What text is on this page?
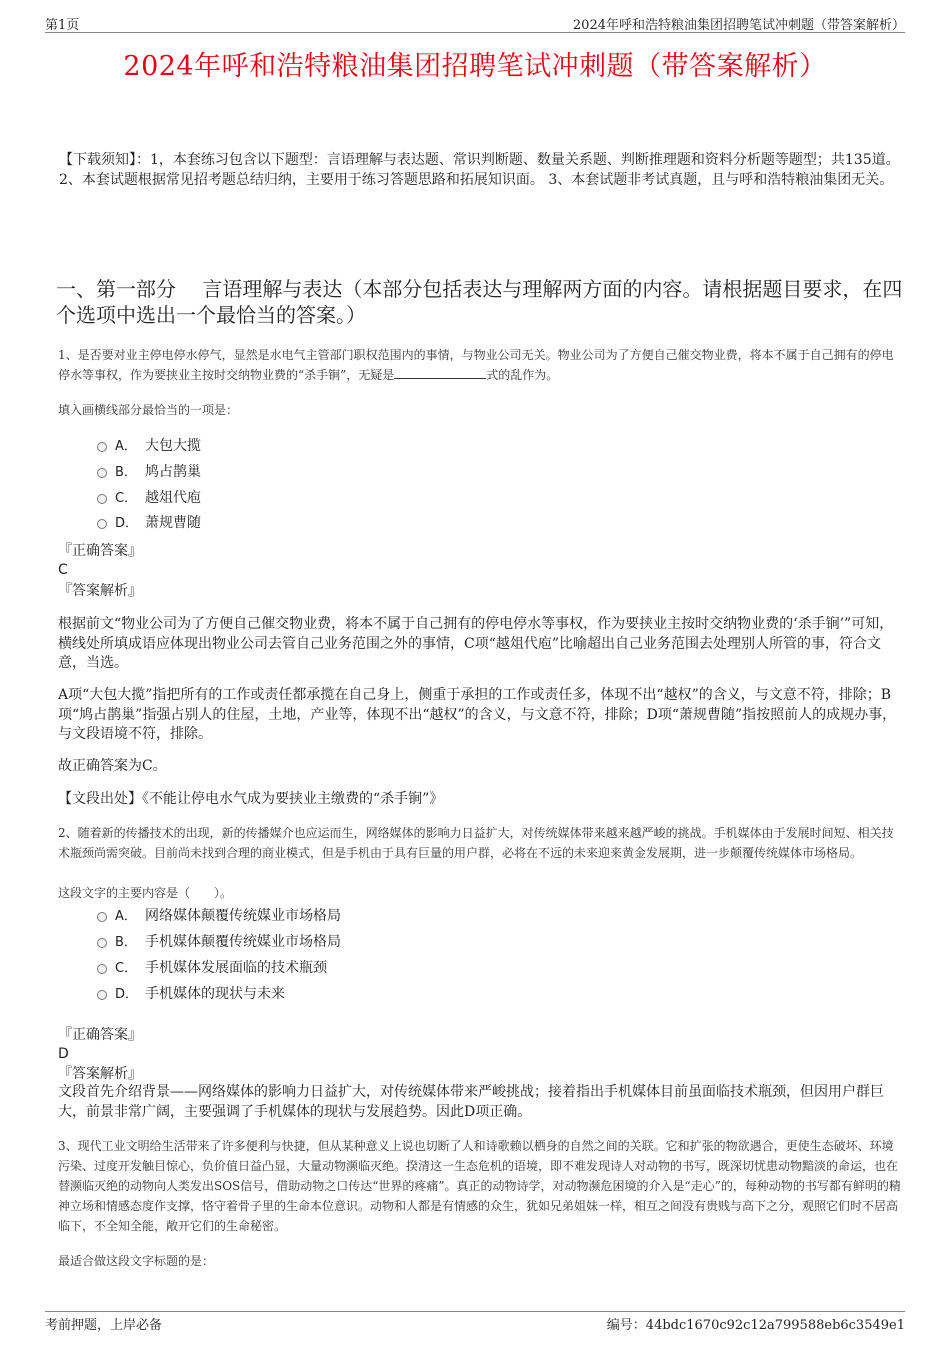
第1页	2024年呼和浩特粮油集团招聘笔试冲刺题（带答案解析）
2024年呼和浩特粮油集团招聘笔试冲刺题（带答案解析）
【下载须知】：1，本套练习包含以下题型：言语理解与表达题、常识判断题、数量关系题、判断推理题和资料分析题等题型；共135道。 2、本套试题根据常见招考题总结归纳，主要用于练习答题思路和拓展知识面。 3、本套试题非考试真题，且与呼和浩特粮油集团无关。
一、第一部分　 言语理解与表达（本部分包括表达与理解两方面的内容。请根据题目要求，在四个选项中选出一个最恰当的答案。）
1、是否要对业主停电停水停气，显然是水电气主管部门职权范围内的事情，与物业公司无关。物业公司为了方便自己催交物业费，将本不属于自己拥有的停电停水等事权，作为要挟业主按时交纳物业费的“杀手锏”，无疑是	式的乱作为。
填入画横线部分最恰当的一项是：
A． 大包大揽
B． 鸠占鹊巢
C． 越俎代庖
D． 萧规曹随
『正确答案』
C
『答案解析』
根据前文“物业公司为了方便自己催交物业费，将本不属于自己拥有的停电停水等事权，作为要挟业主按时交纳物业费的‘杀手锏’”可知，横线处所填成语应体现出物业公司去管自己业务范围之外的事情，C项“越俎代庖”比喻超出自己业务范围去处理别人所管的事，符合文意，当选。
A项“大包大揽”指把所有的工作或责任都承揽在自己身上，侧重于承担的工作或责任多，体现不出“越权”的含义，与文意不符，排除；B项“鸠占鹊巢”指强占别人的住屋，土地，产业等，体现不出“越权”的含义，与文意不符，排除；D项“萧规曹随”指按照前人的成规办事，与文段语境不符，排除。
故正确答案为C。
【文段出处】《不能让停电水气成为要挟业主缴费的“杀手锏”》
2、随着新的传播技术的出现，新的传播媒介也应运而生，网络媒体的影响力日益扩大，对传统媒体带来越来越严峻的挑战。手机媒体由于发展时间短、相关技术瓶颈尚需突破。目前尚未找到合理的商业模式，但是手机由于具有巨量的用户群，必将在不远的未来迎来黄金发展期，进一步颠覆传统媒体市场格局。
这段文字的主要内容是（　　）。
A． 网络媒体颠覆传统媒业市场格局
B． 手机媒体颠覆传统媒业市场格局
C． 手机媒体发展面临的技术瓶颈
D． 手机媒体的现状与未来
『正确答案』
D
『答案解析』
文段首先介绍背景——网络媒体的影响力日益扩大，对传统媒体带来严峻挑战；接着指出手机媒体目前虽面临技术瓶颈，但因用户群巨大，前景非常广阔，主要强调了手机媒体的现状与发展趋势。因此D项正确。
3、现代工业文明给生活带来了许多便利与快捷，但从某种意义上说也切断了人和诗歌赖以栖身的自然之间的关联。它和扩张的物欲遇合，更使生态破坏、环境污染、过度开发触目惊心，负价值日益凸显，大量动物濒临灭绝。揆清这一生态危机的语境，即不难发现诗人对动物的书写，既深切忧患动物黯淡的命运，也在替濒临灭绝的动物向人类发出SOS信号，借助动物之口传达“世界的疼痛”。真正的动物诗学，对动物濒危困境的介入是“走心”的，每种动物的书写都有鲜明的精神立场和情感态度作支撑，恪守着骨子里的生命本位意识。动物和人都是有情感的众生，犹如兄弟姐妹一样，相互之间没有贵贱与高下之分，观照它们时不居高临下，不全知全能，敞开它们的生命秘密。
最适合做这段文字标题的是：
考前押题，上岸必备	编号：44bdc1670c92c12a799588eb6c3549e1
